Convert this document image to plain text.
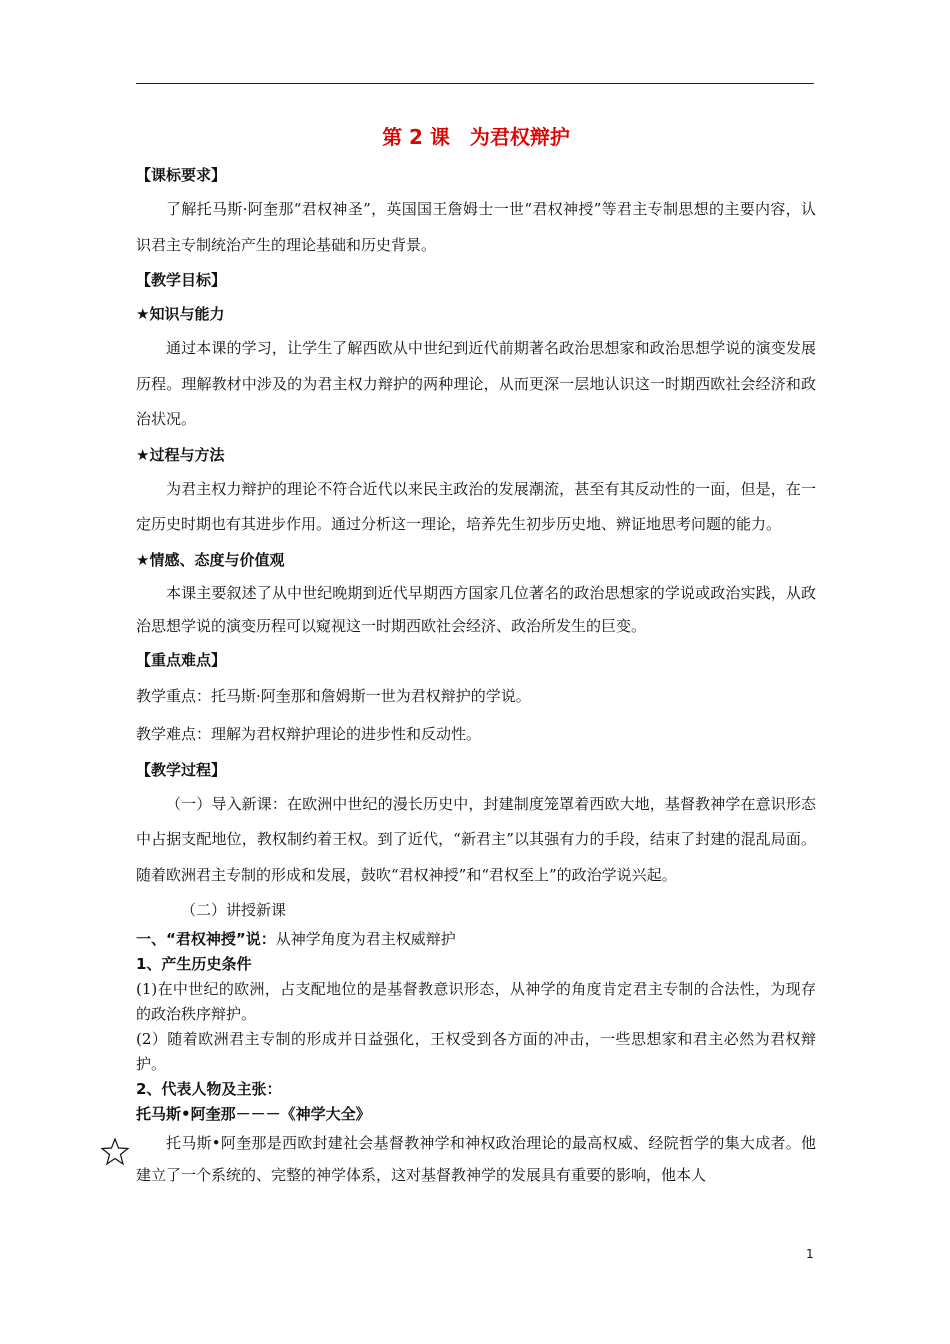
第 2 课　为君权辩护
【课标要求】

了解托马斯·阿奎那“君权神圣”，英国国王詹姆士一世“君权神授”等君主专制思想的主要内容，认识君主专制统治产生的理论基础和历史背景。

【教学目标】
★知识与能力

通过本课的学习，让学生了解西欧从中世纪到近代前期著名政治思想家和政治思想学说的演变发展历程。理解教材中涉及的为君主权力辩护的两种理论，从而更深一层地认识这一时期西欧社会经济和政治状况。

★过程与方法

为君主权力辩护的理论不符合近代以来民主政治的发展潮流，甚至有其反动性的一面，但是，在一定历史时期也有其进步作用。通过分析这一理论，培养先生初步历史地、辨证地思考问题的能力。

★情感、态度与价值观

本课主要叙述了从中世纪晚期到近代早期西方国家几位著名的政治思想家的学说或政治实践，从政治思想学说的演变历程可以窥视这一时期西欧社会经济、政治所发生的巨变。

【重点难点】

教学重点：托马斯·阿奎那和詹姆斯一世为君权辩护的学说。

教学难点：理解为君权辩护理论的进步性和反动性。

【教学过程】

（一）导入新课：在欧洲中世纪的漫长历史中，封建制度笼罩着西欧大地，基督教神学在意识形态中占据支配地位，教权制约着王权。到了近代，“新君主”以其强有力的手段，结束了封建的混乱局面。随着欧洲君主专制的形成和发展，鼓吹“君权神授”和“君权至上”的政治学说兴起。

（二）讲授新课

一、“君权神授”说：从神学角度为君主权威辩护

1、产生历史条件

(1)在中世纪的欧洲，占支配地位的是基督教意识形态，从神学的角度肯定君主专制的合法性，为现存的政治秩序辩护。

(2）随着欧洲君主专制的形成并日益强化，王权受到各方面的冲击，一些思想家和君主必然为君权辩护。

2、代表人物及主张：

托马斯•阿奎那－－－《神学大全》

托马斯•阿奎那是西欧封建社会基督教神学和神权政治理论的最高权威、经院哲学的集大成者。他建立了一个系统的、完整的神学体系，这对基督教神学的发展具有重要的影响，他本人

1
